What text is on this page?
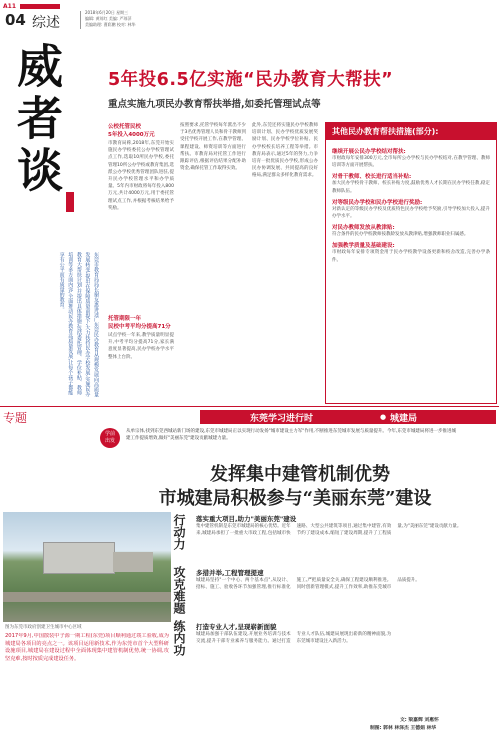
A11
04 综述
2018年6月20日 星期三
编辑: 黄琼红 美编: 严琼萍
美编助理: 曹彩鹏 校对: 林华
威者谈	5年投6.5亿实施“民办教育大帮扶”
重点实施九项民办教育帮扶举措,如委托管理试点等
东莞市教育局局长谢友惠讲述广东莞民办教育从规模发展向高质量发展转变,提出在保障质量前提下,大力扶持民办学校发展,实施民办教育大帮扶计划,并提出具体措施,包括委托管理、学位补贴、教师培训等多方面内容,全面推动民办教育高质量发展,让每个孩子都能享有公平而有质量的教育。
公校托管民校
5年投入4000万元
市教育局称,2018年,东莞开始实施民办学校委托公办学校管理试点工作,选取10所民办学校,委托管理10所公办学校或教育集团,选派公办学校优秀管理团队进驻,提升民办学校管理水平和办学质量。5年内市财政将每年投入800万元,共计4000万元,用于委托管理试点工作,并根据考核结果给予奖励。
托管期限一年
民校中考平均分提高71分
试点学校一年来,教学质量明显提升,中考平均分提高71分,家长满意度显著提高,民办学校办学水平整体上台阶。
按照要求,托管学校每年派出不少于3名优秀管理人员和骨干教师到受托学校开展工作,在教学管理、课程建设、师资培训等方面进行帮扶。市教育局对托管工作进行跟踪评估,根据评估结果分配补助资金,确保托管工作取得实效。
此外,东莞还将实施民办学校教师培训计划、民办学校优质发展奖励计划、民办学校学位补贴、民办学校校长培养工程等举措。市教育局表示,通过5年的努力,力争培育一批优质民办学校,形成公办民办协调发展、共同提高的良好格局,满足群众多样化教育需求。
其他民办教育帮扶措施(部分):
继续开展公民办学校结对帮扶:
市财政每年安排300万元,全市每所公办学校与民办学校结对,在教学管理、教师培训等方面开展帮扶。
对骨干教师、校长进行适当补贴:
加大民办学校骨干教师、校长补贴力度,鼓励优秀人才长期在民办学校任教,稳定教师队伍。
对等级民办学校和民办学校进行奖励:
对新认定的等级民办学校及优质特色民办学校给予奖励,引导学校加大投入,提升办学水平。
对民办教师发放从教津贴:
符合条件的民办学校教师按教龄发放从教津贴,增强教师职业归属感。
加强教学质量及基础建设:
市财政每年安排专项资金用于民办学校教学设备更新和校舍改造,完善办学条件。
专题	东莞学习进行时	● 城建局
学前
出发
从单宗体,找到东莞西城站新门场的建设,东莞市城建局正以实现行动发扬"城市建设主力军"作用,不断推进东莞城市发展与质量提升。今年,东莞市城建局将进一步推进城建工作提质增效,做好"美丽东莞"建设贡献城建力量。
发挥集中建管机制优势
市城建局积极参与“美丽东莞”建设
图为东莞市政府创建卫生城市中心区域
2017年9月,中国散装中子源一期工程(东莞)项目顺利通过竣工验收,成为城建局各项目的亮点之一。该项目运用新技术,作为东莞市首个大型科研设施项目,城建局在建设过程中全面体现集中建管机制优势,统一协调,攻坚克难,按时按质完成建设任务。
行动力
攻克难题
练内功
落实重大项目,助力"美丽东莞"建设
集中建管机制是东莞市城建局的核心优势。近年来,城建局承担了一批重大市政工程,包括城市快速路、大型公共建筑等项目,通过集中建管,有效节约了建设成本,缩短了建设周期,提升了工程质量,为"美丽东莞"建设贡献力量。
多措并举,工程管理提速
城建局坚持"一个中心、两个基本点",从设计、招标、施工、验收各环节加强管理,推行标准化施工,严把质量安全关,确保工程建设顺利推进。同时创新管理模式,提升工作效率,助推东莞城市品质提升。
打造专业人才,呈现崭新面貌
城建局加强干部队伍建设,开展业务培训与技术交流,提升干部专业素养与服务能力。通过打造专业人才队伍,城建局展现出崭新的精神面貌,为东莞城市建设注入新活力。
文: 梁嘉辉 刘惠怀
制图: 郭林 林泽杰 王德娟 林华
